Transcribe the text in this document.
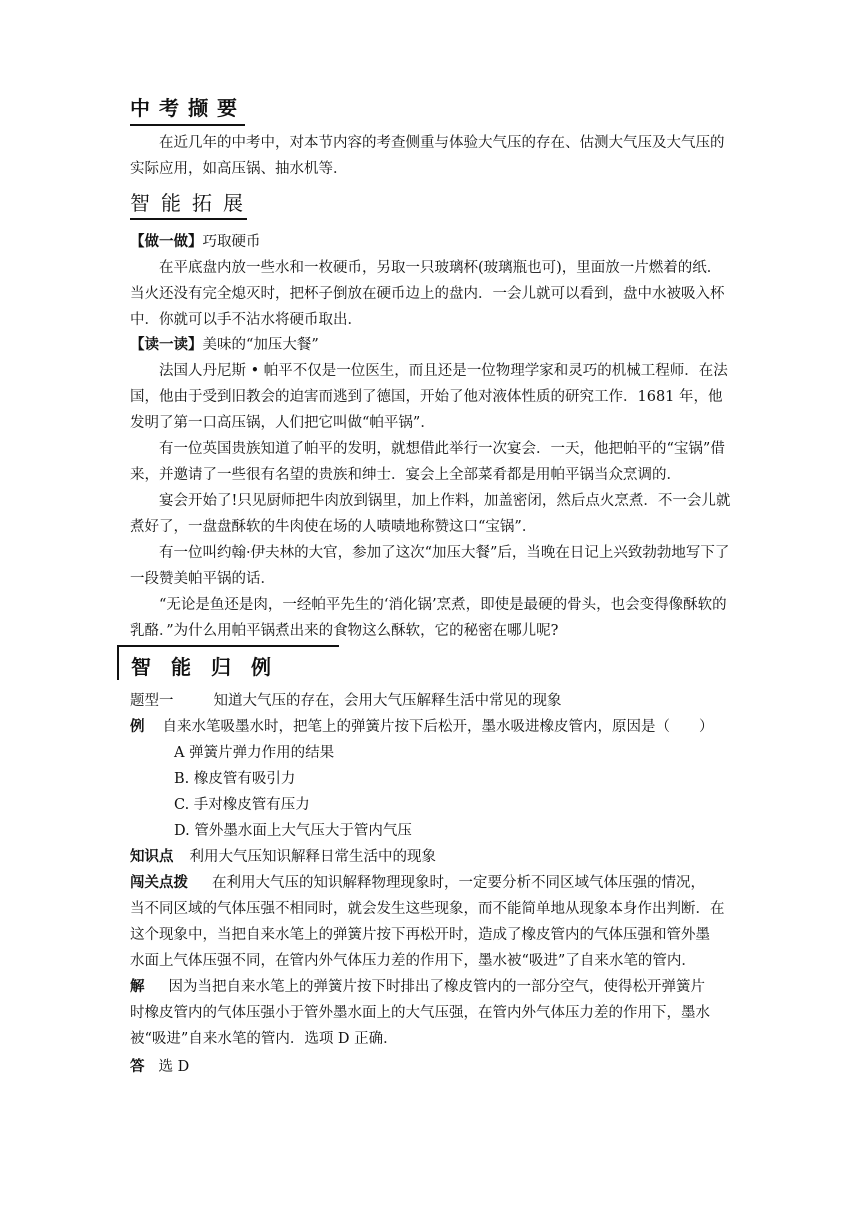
中考撷要

在近几年的中考中，对本节内容的考查侧重与体验大气压的存在、估测大气压及大气压的实际应用，如高压锅、抽水机等．

智能拓展
【做一做】巧取硬币

在平底盘内放一些水和一枚硬币，另取一只玻璃杯(玻璃瓶也可)，里面放一片燃着的纸．当火还没有完全熄灭时，把杯子倒放在硬币边上的盘内．一会儿就可以看到，盘中水被吸入杯中．你就可以手不沾水将硬币取出．

【读一读】美味的“加压大餐”

法国人丹尼斯 • 帕平不仅是一位医生，而且还是一位物理学家和灵巧的机械工程师．在法国，他由于受到旧教会的迫害而逃到了德国，开始了他对液体性质的研究工作．1681 年，他发明了第一口高压锅，人们把它叫做“帕平锅”．

有一位英国贵族知道了帕平的发明，就想借此举行一次宴会．一天，他把帕平的“宝锅”借来，并邀请了一些很有名望的贵族和绅士．宴会上全部菜肴都是用帕平锅当众烹调的．

宴会开始了!只见厨师把牛肉放到锅里，加上作料，加盖密闭，然后点火烹煮．不一会儿就煮好了，一盘盘酥软的牛肉使在场的人啧啧地称赞这口“宝锅”．

有一位叫约翰·伊夫林的大官，参加了这次“加压大餐”后，当晚在日记上兴致勃勃地写下了一段赞美帕平锅的话．

“无论是鱼还是肉，一经帕平先生的‘消化锅’烹煮，即使是最硬的骨头，也会变得像酥软的乳酪．”为什么用帕平锅煮出来的食物这么酥软，它的秘密在哪儿呢?

智能归例
题型一	知道大气压的存在，会用大气压解释生活中常见的现象
例 自来水笔吸墨水时，把笔上的弹簧片按下后松开，墨水吸进橡皮管内，原因是（　　）
A 弹簧片弹力作用的结果
B. 橡皮管有吸引力
C. 手对橡皮管有压力
D. 管外墨水面上大气压大于管内气压
知识点 利用大气压知识解释日常生活中的现象
闯关点拨 在利用大气压的知识解释物理现象时，一定要分析不同区域气体压强的情况，
当不同区域的气体压强不相同时，就会发生这些现象，而不能简单地从现象本身作出判断．在
这个现象中，当把自来水笔上的弹簧片按下再松开时，造成了橡皮管内的气体压强和管外墨
水面上气体压强不同，在管内外气体压力差的作用下，墨水被“吸进”了自来水笔的管内．
解 因为当把自来水笔上的弹簧片按下时排出了橡皮管内的一部分空气，使得松开弹簧片
时橡皮管内的气体压强小于管外墨水面上的大气压强，在管内外气体压力差的作用下，墨水
被“吸进”自来水笔的管内．选项 D 正确．
答 选 D
